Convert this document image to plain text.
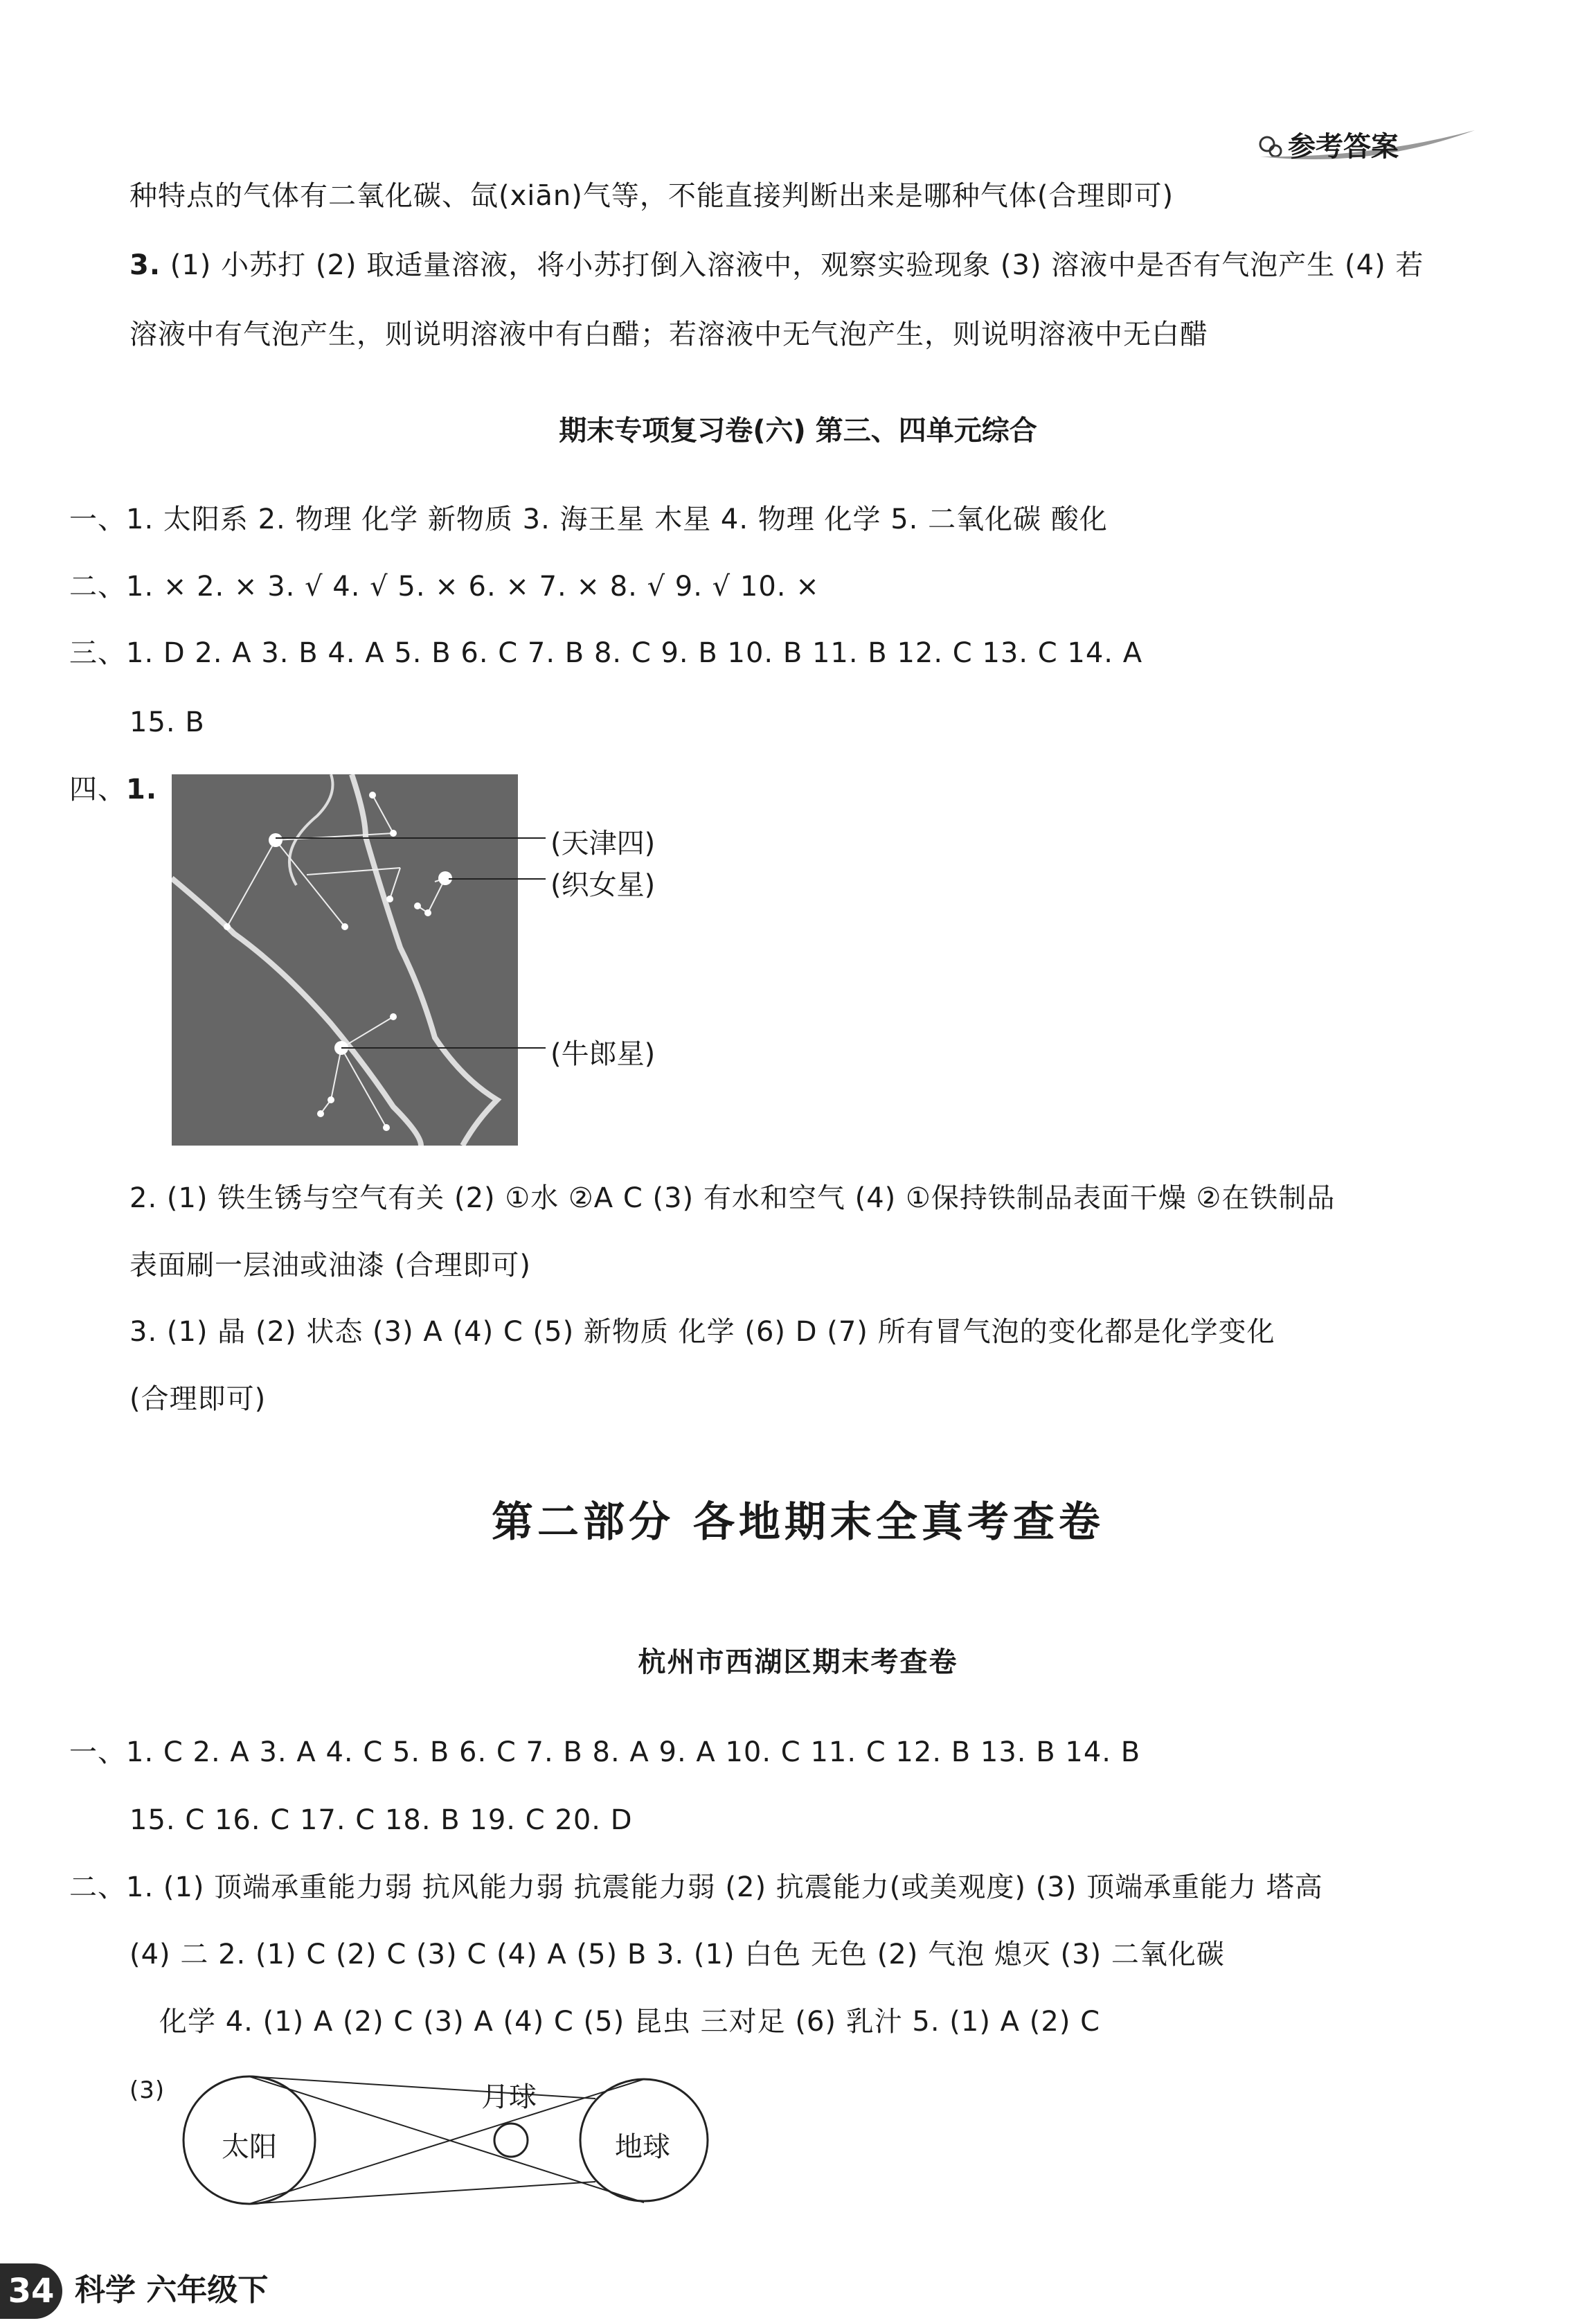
参考答案
种特点的气体有二氧化碳、氙(xiān)气等，不能直接判断出来是哪种气体(合理即可)
3. (1) 小苏打 (2) 取适量溶液，将小苏打倒入溶液中，观察实验现象 (3) 溶液中是否有气泡产生 (4) 若
溶液中有气泡产生，则说明溶液中有白醋；若溶液中无气泡产生，则说明溶液中无白醋
期末专项复习卷(六) 第三、四单元综合
一、1. 太阳系 2. 物理 化学 新物质 3. 海王星 木星 4. 物理 化学 5. 二氧化碳 酸化
二、1. × 2. × 3. √ 4. √ 5. × 6. × 7. × 8. √ 9. √ 10. ×
三、1. D 2. A 3. B 4. A 5. B 6. C 7. B 8. C 9. B 10. B 11. B 12. C 13. C 14. A
15. B
四、1.
(天津四)
(织女星)
(牛郎星)
2. (1) 铁生锈与空气有关 (2) ①水 ②A C (3) 有水和空气 (4) ①保持铁制品表面干燥 ②在铁制品
表面刷一层油或油漆 (合理即可)
3. (1) 晶 (2) 状态 (3) A (4) C (5) 新物质 化学 (6) D (7) 所有冒气泡的变化都是化学变化
(合理即可)
第二部分 各地期末全真考查卷
杭州市西湖区期末考查卷
一、1. C 2. A 3. A 4. C 5. B 6. C 7. B 8. A 9. A 10. C 11. C 12. B 13. B 14. B
15. C 16. C 17. C 18. B 19. C 20. D
二、1. (1) 顶端承重能力弱 抗风能力弱 抗震能力弱 (2) 抗震能力(或美观度) (3) 顶端承重能力 塔高
(4) 二 2. (1) C (2) C (3) C (4) A (5) B 3. (1) 白色 无色 (2) 气泡 熄灭 (3) 二氧化碳
化学 4. (1) A (2) C (3) A (4) C (5) 昆虫 三对足 (6) 乳汁 5. (1) A (2) C
(3)
太阳
月球
地球
34 科学 六年级下
